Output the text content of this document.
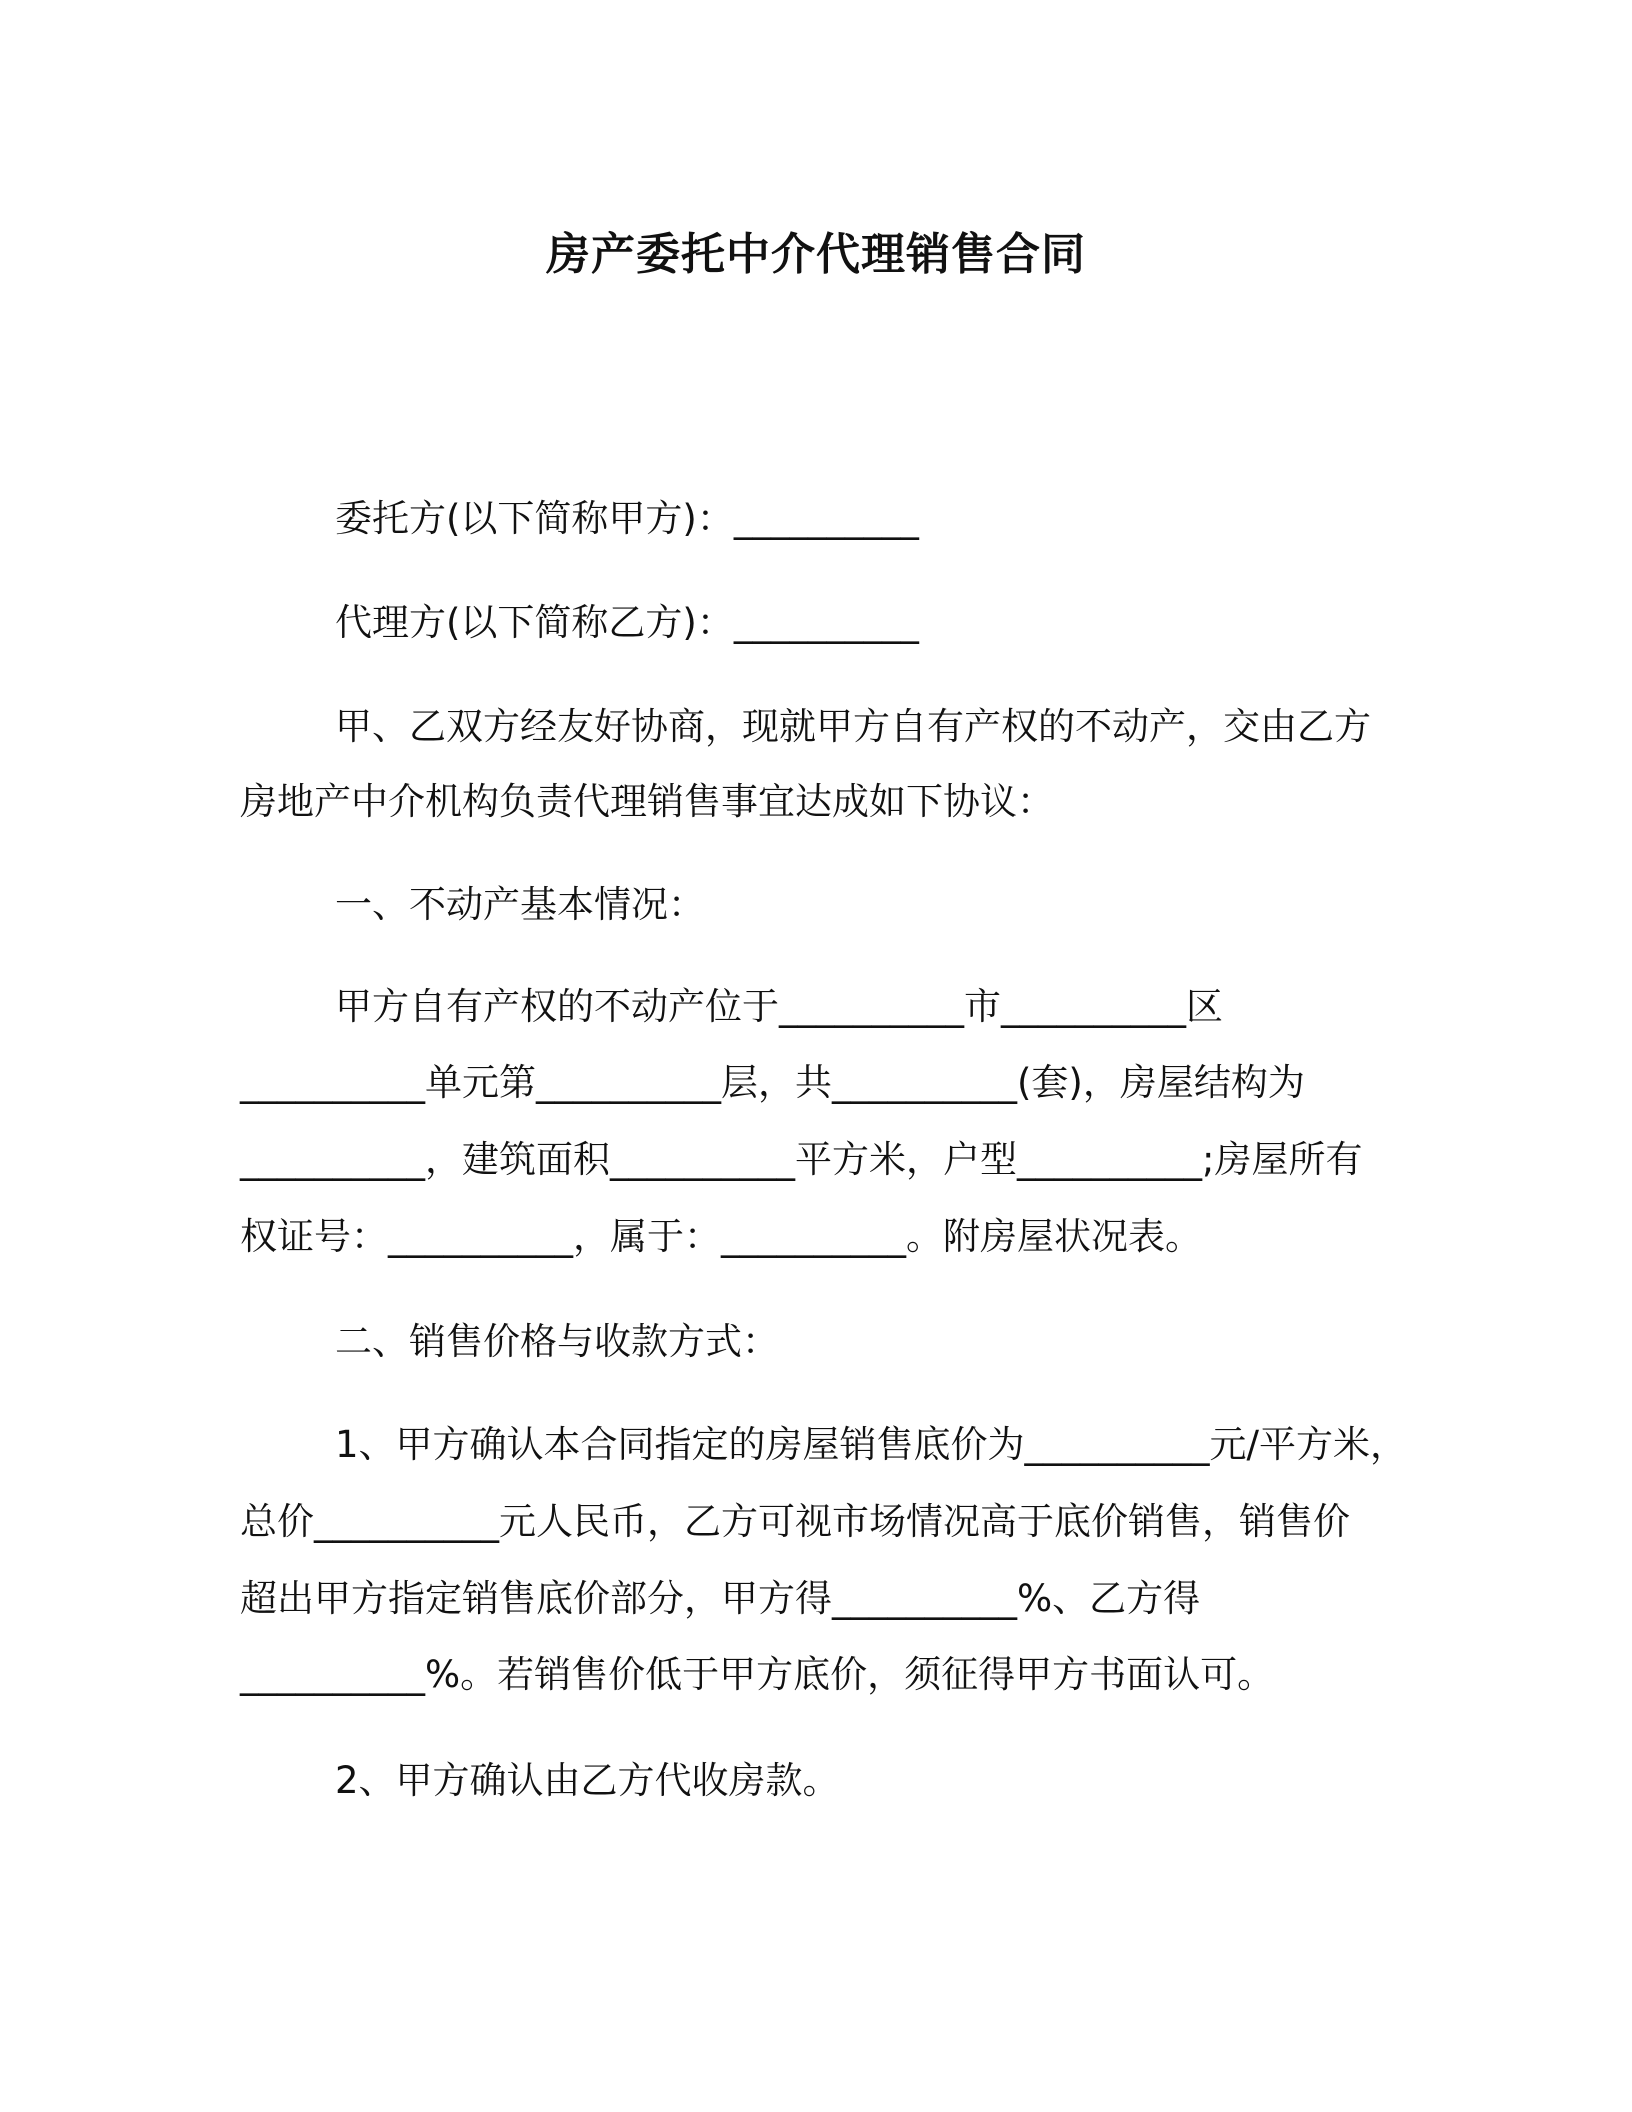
房产委托中介代理销售合同
委托方(以下简称甲方)：__________
代理方(以下简称乙方)：__________
甲、乙双方经友好协商，现就甲方自有产权的不动产，交由乙方
房地产中介机构负责代理销售事宜达成如下协议：
一、不动产基本情况：
甲方自有产权的不动产位于__________市__________区
__________单元第__________层，共__________(套)，房屋结构为
__________，建筑面积__________平方米，户型__________;房屋所有
权证号：__________，属于：__________。附房屋状况表。
二、销售价格与收款方式：
1、甲方确认本合同指定的房屋销售底价为__________元/平方米，
总价__________元人民币，乙方可视市场情况高于底价销售，销售价
超出甲方指定销售底价部分，甲方得__________%、乙方得
__________%。若销售价低于甲方底价，须征得甲方书面认可。
2、甲方确认由乙方代收房款。
